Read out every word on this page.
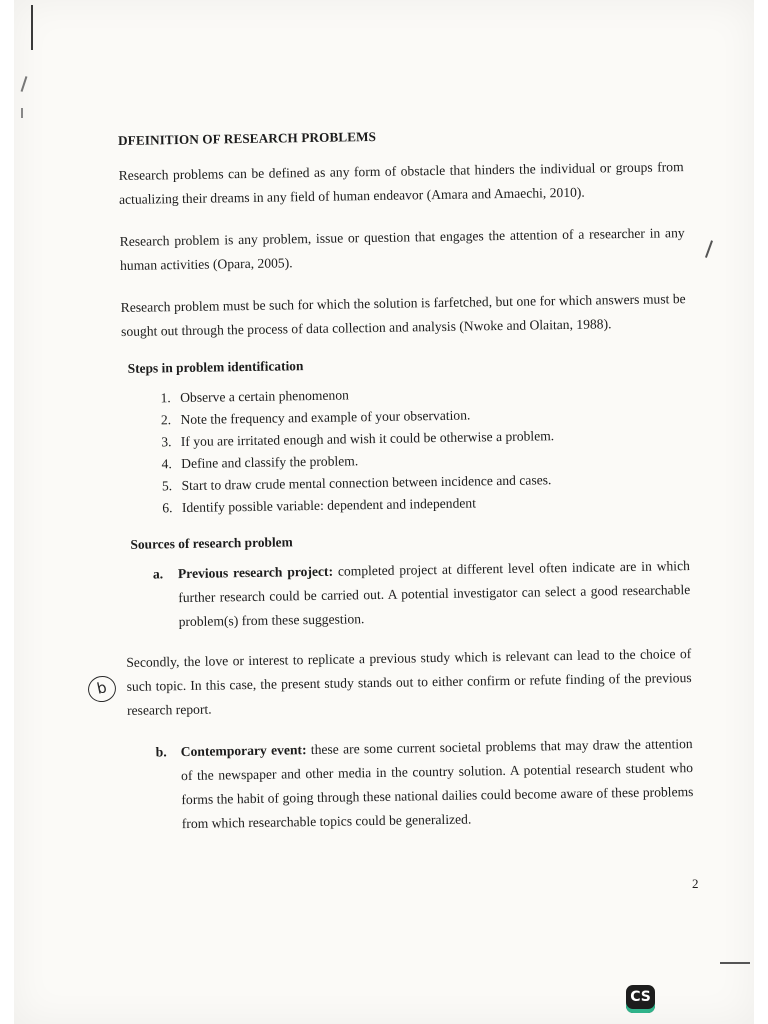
DFEINITION OF RESEARCH PROBLEMS

Research problems can be defined as any form of obstacle that hinders the individual or groups from actualizing their dreams in any field of human endeavor (Amara and Amaechi, 2010).

Research problem is any problem, issue or question that engages the attention of a researcher in any human activities (Opara, 2005).

Research problem must be such for which the solution is farfetched, but one for which answers must be sought out through the process of data collection and analysis (Nwoke and Olaitan, 1988).

Steps in problem identification
1. Observe a certain phenomenon
2. Note the frequency and example of your observation.
3. If you are irritated enough and wish it could be otherwise a problem.
4. Define and classify the problem.
5. Start to draw crude mental connection between incidence and cases.
6. Identify possible variable: dependent and independent
Sources of research problem
a. Previous research project: completed project at different level often indicate are in which further research could be carried out. A potential investigator can select a good researchable problem(s) from these suggestion.

Secondly, the love or interest to replicate a previous study which is relevant can lead to the choice of such topic. In this case, the present study stands out to either confirm or refute finding of the previous research report.

b. Contemporary event: these are some current societal problems that may draw the attention of the newspaper and other media in the country solution. A potential research student who forms the habit of going through these national dailies could become aware of these problems from which researchable topics could be generalized.
b
2
CS
